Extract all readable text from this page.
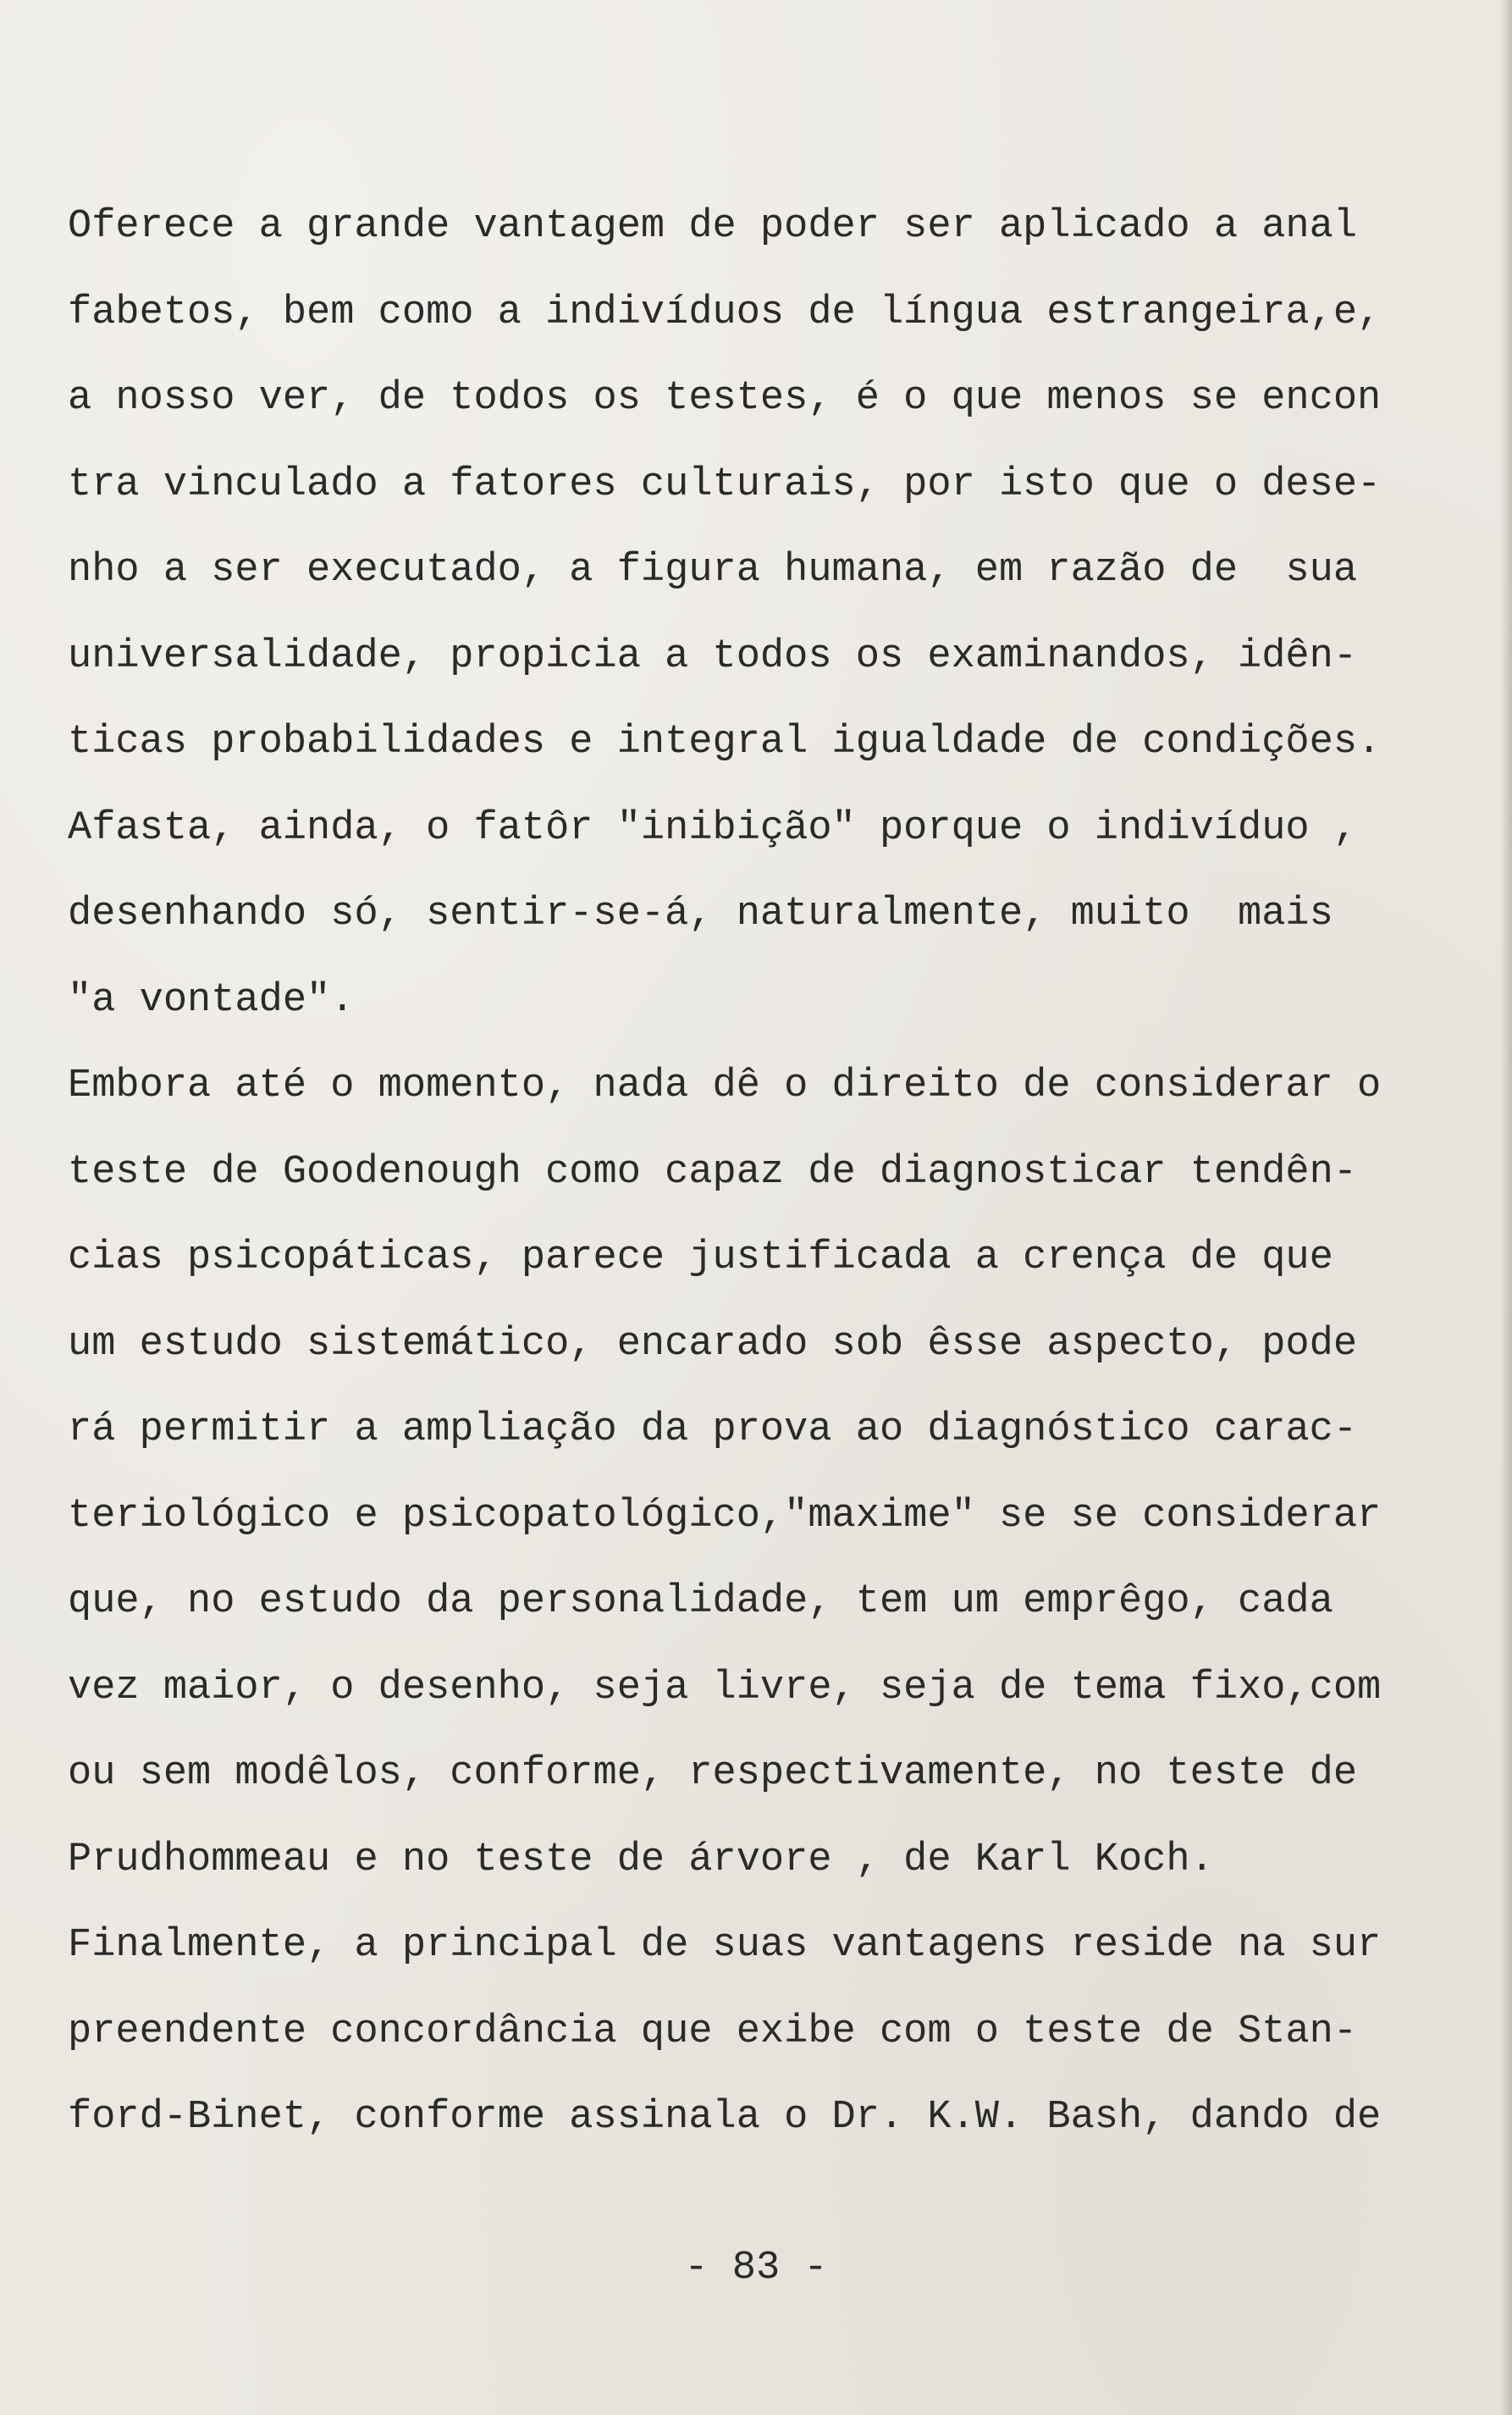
Oferece a grande vantagem de poder ser aplicado a anal
fabetos, bem como a indivíduos de língua estrangeira,e,
a nosso ver, de todos os testes, é o que menos se encon
tra vinculado a fatores culturais, por isto que o dese-
nho a ser executado, a figura humana, em razão de  sua
universalidade, propicia a todos os examinandos, idên-
ticas probabilidades e integral igualdade de condições.
Afasta, ainda, o fatôr "inibição" porque o indivíduo ,
desenhando só, sentir-se-á, naturalmente, muito  mais
"a vontade".
Embora até o momento, nada dê o direito de considerar o
teste de Goodenough como capaz de diagnosticar tendên-
cias psicopáticas, parece justificada a crença de que
um estudo sistemático, encarado sob êsse aspecto, pode
rá permitir a ampliação da prova ao diagnóstico carac-
teriológico e psicopatológico,"maxime" se se considerar
que, no estudo da personalidade, tem um emprêgo, cada
vez maior, o desenho, seja livre, seja de tema fixo,com
ou sem modêlos, conforme, respectivamente, no teste de
Prudhommeau e no teste de árvore , de Karl Koch.
Finalmente, a principal de suas vantagens reside na sur
preendente concordância que exibe com o teste de Stan-
ford-Binet, conforme assinala o Dr. K.W. Bash, dando de
- 83 -
